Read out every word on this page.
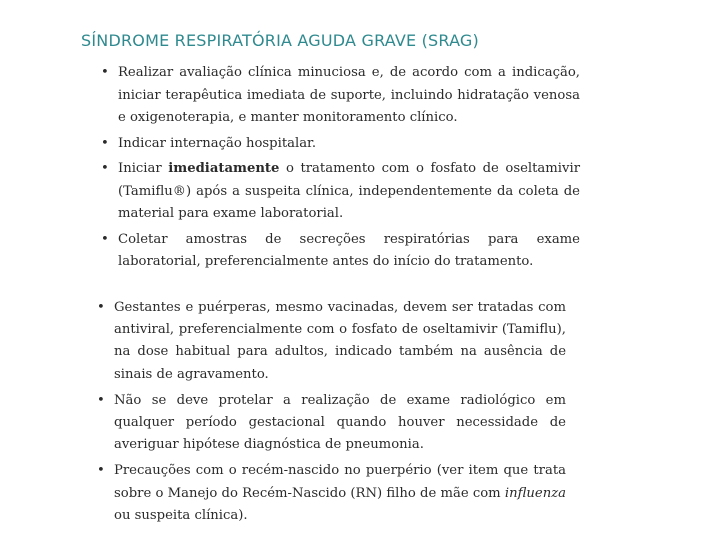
SÍNDROME RESPIRATÓRIA AGUDA GRAVE (SRAG)
• Realizar avaliação clínica minuciosa e, de acordo com a indicação, iniciar terapêutica imediata de suporte, incluindo hidratação venosa e oxigenoterapia, e manter monitoramento clínico.
• Indicar internação hospitalar.
• Iniciar imediatamente o tratamento com o fosfato de oseltamivir (Tamiflu®) após a suspeita clínica, independentemente da coleta de material para exame laboratorial.
• Coletar amostras de secreções respiratórias para exame laboratorial, preferencialmente antes do início do tratamento.
• Gestantes e puérperas, mesmo vacinadas, devem ser tratadas com antiviral, preferencialmente com o fosfato de oseltamivir (Tamiflu), na dose habitual para adultos, indicado também na ausência de sinais de agravamento.
• Não se deve protelar a realização de exame radiológico em qualquer período gestacional quando houver necessidade de averiguar hipótese diagnóstica de pneumonia.
• Precauções com o recém-nascido no puerpério (ver item que trata sobre o Manejo do Recém-Nascido (RN) filho de mãe com influenza ou suspeita clínica).
